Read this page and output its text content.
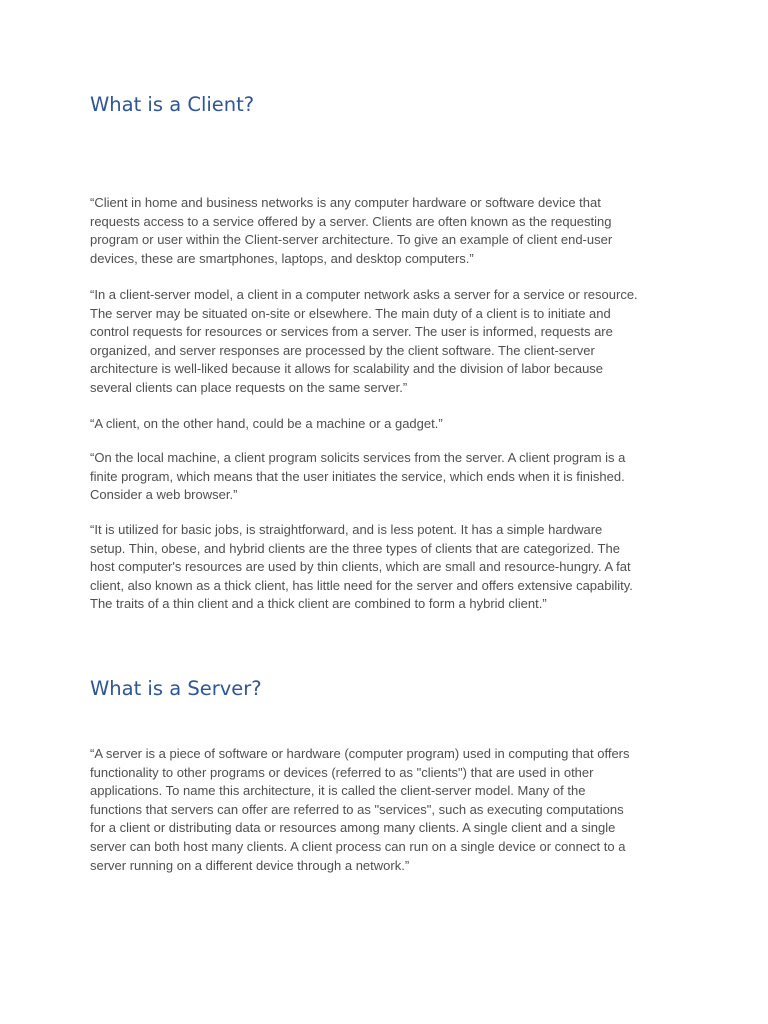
What is a Client?
“Client in home and business networks is any computer hardware or software device that
requests access to a service offered by a server. Clients are often known as the requesting
program or user within the Client-server architecture. To give an example of client end-user
devices, these are smartphones, laptops, and desktop computers.”
“In a client-server model, a client in a computer network asks a server for a service or resource.
The server may be situated on-site or elsewhere. The main duty of a client is to initiate and
control requests for resources or services from a server. The user is informed, requests are
organized, and server responses are processed by the client software. The client-server
architecture is well-liked because it allows for scalability and the division of labor because
several clients can place requests on the same server.”
“A client, on the other hand, could be a machine or a gadget.”
“On the local machine, a client program solicits services from the server. A client program is a
finite program, which means that the user initiates the service, which ends when it is finished.
Consider a web browser.”
“It is utilized for basic jobs, is straightforward, and is less potent. It has a simple hardware
setup. Thin, obese, and hybrid clients are the three types of clients that are categorized. The
host computer's resources are used by thin clients, which are small and resource-hungry. A fat
client, also known as a thick client, has little need for the server and offers extensive capability.
The traits of a thin client and a thick client are combined to form a hybrid client.”
What is a Server?
“A server is a piece of software or hardware (computer program) used in computing that offers
functionality to other programs or devices (referred to as "clients") that are used in other
applications. To name this architecture, it is called the client-server model. Many of the
functions that servers can offer are referred to as "services", such as executing computations
for a client or distributing data or resources among many clients. A single client and a single
server can both host many clients. A client process can run on a single device or connect to a
server running on a different device through a network.”
